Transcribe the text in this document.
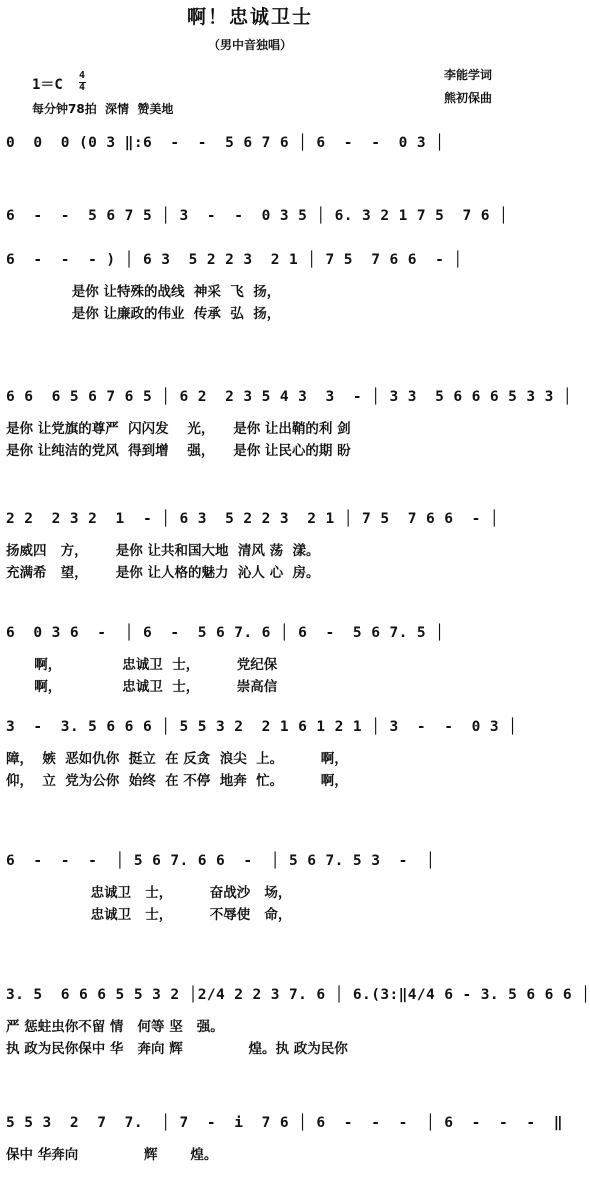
啊！忠诚卫士
（男中音独唱）
1＝C
4
4
每分钟78拍  深情  赞美地
李能学词
熊初保曲
0  0  0 (0 3 ‖:6  -  -  5 6 7 6 │ 6  -  -  0 3 │
6  -  -  5 6 7 5 │ 3  -  -  0 3 5 │ 6. 3 2 1 7 5  7 6 │
6  -  -  - ) │ 6 3  5 2 2 3  2 1 │ 7 5  7 6 6  - │
是你 让特殊的战线  神采  飞  扬，
是你 让廉政的伟业  传承  弘  扬，
6 6  6 5 6 7 6 5 │ 6 2  2 3 5 4 3  3  - │ 3 3  5 6 6 6 5 3 3 │
是你 让党旗的尊严  闪闪发    光，    是你 让出鞘的利 剑
是你 让纯洁的党风  得到增    强，    是你 让民心的期 盼
2 2  2 3 2  1  - │ 6 3  5 2 2 3  2 1 │ 7 5  7 6 6  - │
扬威四   方，      是你 让共和国大地  清风 荡  漾。
充满希   望，      是你 让人格的魅力  沁人 心  房。
6  0 3 6  -  │ 6  -  5 6 7. 6 │ 6  -  5 6 7. 5 │
啊，             忠诚卫  士，        党纪保
啊，             忠诚卫  士，        崇高信
3  -  3. 5 6 6 6 │ 5 5 3 2  2 1 6 1 2 1 │ 3  -  -  0 3 │
障，  嫉  恶如仇你  挺立  在 反贪  浪尖  上。        啊，
仰，  立  党为公你  始终  在 不停  地奔  忙。        啊，
6  -  -  -  │ 5 6 7. 6 6  -  │ 5 6 7. 5 3  -  │
忠诚卫   士，        奋战沙   场，
忠诚卫   士，        不辱使   命，
3. 5  6 6 6 5 5 3 2 │2/4 2 2 3 7. 6 │ 6.(3:‖4/4 6 - 3. 5 6 6 6 │
严 惩蛀虫你不留 情   何等 坚   强。
执 政为民你保中 华   奔向 辉              煌。执 政为民你
5 5 3  2  7  7.  │ 7  -  i  7 6 │ 6  -  -  -  │ 6  -  -  -  ‖
保中 华奔向              辉       煌。
